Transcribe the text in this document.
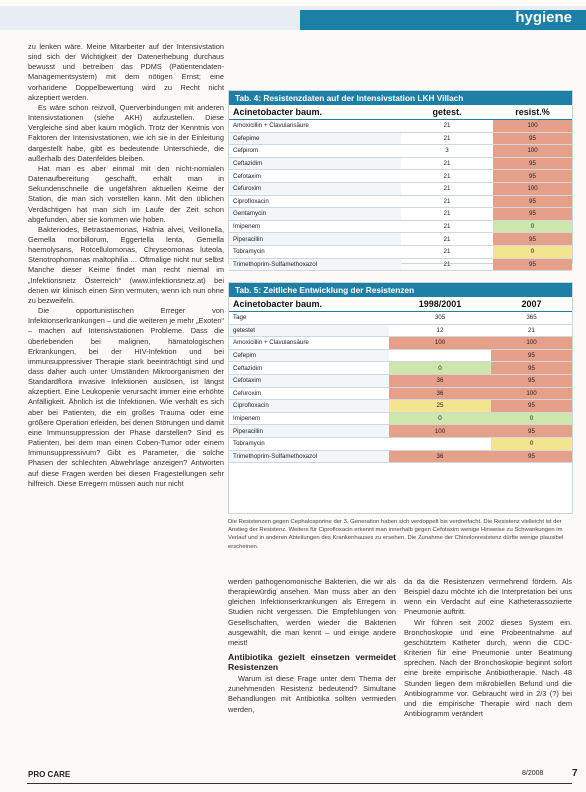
hygiene

zu lenken wäre. Meine Mitarbeiter auf der Intensivstation sind sich der Wichtigkeit der Datenerhebung durchaus bewusst und betreiben das PDMS (Patientendaten-Managementsystem) mit dem nötigen Ernst; eine vorhandene Doppelbewertung wird zu Recht nicht akzeptiert werden.

Es wäre schon reizvoll, Querverbindungen mit anderen Intensivstationen (siehe AKH) aufzustellen. Diese Vergleiche sind aber kaum möglich. Trotz der Kenntnis von Faktoren der Intensivstationen, wie ich sie in der Einleitung dargestellt habe, gibt es bedeutende Unterschiede, die außerhalb des Datenfeldes bleiben.

Hat man es aber einmal mit den nicht-nomialen Datenaufbereitung geschafft, erhält man in Sekundenschnelle die ungefähren aktuellen Keime der Station, die man sich vorstellen kann. Mit den üblichen Verdächtigen hat man sich im Laufe der Zeit schon abgefunden, aber sie kommen wie hoben.

Bakteriodes, Betrastaemonas, Hafnia alvei, Veillonella, Gemella morbillorum, Eggertella lenta, Gemella haemolysans, Rotcellulomonas, Chryseomonas luteola, Stenotrophomonas maltophilia ... Oftmalige nicht nur selbst Manche dieser Keime findet man recht niemal im „Infektionsnetz Österreich“ (www.infektionsnetz.at) bei denen wir klinisch einen Sinn vermuten, wenn ich nun ohne zu bezweifeln.

Die opportunistischen Erreger von Infektionserkrankungen – und die weiteren je mehr „Exoten“ – machen auf Intensivstationen Probleme. Dass die überlebenden bei malignen, hämatologischen Erkrankungen, bei der HIV-Infektion und bei immunsuppressiver Therapie stark beeinträchtigt sind und dass daher auch unter Umständen Mikroorganismen der Standardflora invasive Infektionen auslösen, ist längst akzeptiert. Eine Leukopenie verursacht immer eine erhöhte Anfälligkeit. Ähnlich ist die Infektionen. Wie verhält es sich aber bei Patienten, die ein großes Trauma oder eine größere Operation erleiden, bei denen Störungen und damit eine Immunsuppression der Phase darstellen? Sind es Patienten, bei dem man einen Coben-Tumor oder einem Immunsuppressivum? Gibt es Parameter, die solche Phasen der schlechten Abwehrlage anzeigen? Antworten auf diese Fragen werden bei diesen Fragestellungen sehr hilfreich. Diese Erregern müssen auch nur nicht

Tab. 4: Resistenzdaten auf der Intensivstation LKH Villach
Acinetobacter baum.	getest.	resist.%
Amoxicillin + Clavulansäure	21	100
Cefepime	21	95
Cefpirom	3	100
Ceftazidim	21	95
Cefotaxim	21	95
Cefuroxim	21	100
Ciprofloxacin	21	95
Gentamycin	21	95
Imipenem	21	0
Piperacillin	21	95
Tobramycin	21	0
Trimethoprim-Sulfamethoxazol	21	95
Tab. 5: Zeitliche Entwicklung der Resistenzen
Acinetobacter baum.	1998/2001	2007
Tage	305	365
getestet	12	21
Amoxicillin + Clavulansäure	100	100
Cefepim		95
Ceftazidim	0	95
Cefotaxim	36	95
Cefuroxim	36	100
Ciprofloxacin	25	95
Imipenem	0	0
Piperacillin	100	95
Tobramycin		0
Trimethoprim-Sulfamethoxazol	36	95
Die Resistenzen gegen Cephalosporine der 3. Generation haben sich verdoppelt bis verdreifacht. Die Resistenz vielleicht ist der Anstieg der Resistenz. Weiters für Ciprofloxacin erkennt man innerhalb gegen Cefotaxim wenige Hinweise zu Schwankungen im Verlauf und in anderen Abteilungen des Krankenhauses zu ersehen. Die Zunahme der Chinolonresistenz dürfte wenige plausibel erscheinen.

werden pathogenomonische Bakterien, die wir als therapiewürdig ansehen. Man muss aber an den gleichen Infektionserkrankungen als Erregern in Studien nicht vergessen. Die Empfehlungen von Gesellschaften, werden wieder die Bakterien ausgewählt, die man kennt – und einige andere meist!

Antibiotika gezielt einsetzen vermeidet Resistenzen

Warum ist diese Frage unter dem Thema der zunehmenden Resistenz bedeutend? Simultane Behandlungen mit Antibiotika sollten vermieden werden,

da da die Resistenzen vermehrend fördern. Als Beispiel dazu möchte ich die Interpretation bei uns wenn ein Verdacht auf eine Katheterassoziierte Pneumonie auftritt.

Wir führen seit 2002 dieses System ein. Bronchoskopie und eine Probeentnahme auf geschütztem Katheter durch, wenn die CDC-Kriterien für eine Pneumonie unter Beatmung sprechen. Nach der Bronchoskopie beginnt sofort eine breite empirische Antibiotherapie. Nach 48 Stunden liegen dem mikrobiellen Befund und die Antibiogramme vor. Gebraucht wird in 2/3 (?) bei und die empirische Therapie wird nach dem Antibiogramm verändert

PRO CARE	8/2008	7
